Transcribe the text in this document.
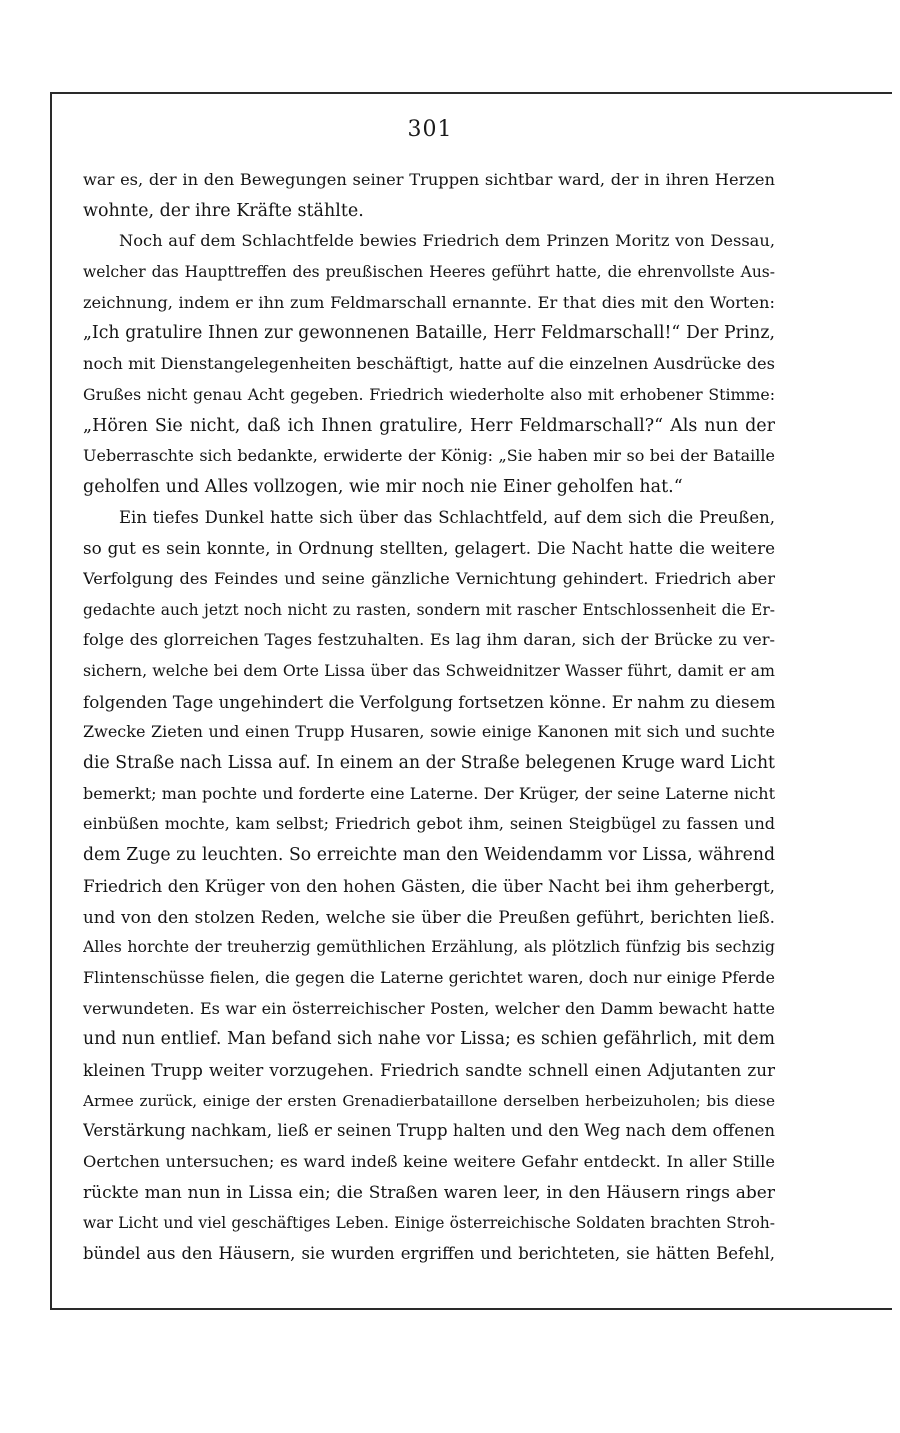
301
war es, der in den Bewegungen seiner Truppen sichtbar ward, der in ihren Herzen
wohnte, der ihre Kräfte stählte.
Noch auf dem Schlachtfelde bewies Friedrich dem Prinzen Moritz von Dessau,
welcher das Haupttreffen des preußischen Heeres geführt hatte, die ehrenvollste Aus-
zeichnung, indem er ihn zum Feldmarschall ernannte. Er that dies mit den Worten:
„Ich gratulire Ihnen zur gewonnenen Bataille, Herr Feldmarschall!“ Der Prinz,
noch mit Dienstangelegenheiten beschäftigt, hatte auf die einzelnen Ausdrücke des
Grußes nicht genau Acht gegeben. Friedrich wiederholte also mit erhobener Stimme:
„Hören Sie nicht, daß ich Ihnen gratulire, Herr Feldmarschall?“ Als nun der
Ueberraschte sich bedankte, erwiderte der König: „Sie haben mir so bei der Bataille
geholfen und Alles vollzogen, wie mir noch nie Einer geholfen hat.“
Ein tiefes Dunkel hatte sich über das Schlachtfeld, auf dem sich die Preußen,
so gut es sein konnte, in Ordnung stellten, gelagert. Die Nacht hatte die weitere
Verfolgung des Feindes und seine gänzliche Vernichtung gehindert. Friedrich aber
gedachte auch jetzt noch nicht zu rasten, sondern mit rascher Entschlossenheit die Er-
folge des glorreichen Tages festzuhalten. Es lag ihm daran, sich der Brücke zu ver-
sichern, welche bei dem Orte Lissa über das Schweidnitzer Wasser führt, damit er am
folgenden Tage ungehindert die Verfolgung fortsetzen könne. Er nahm zu diesem
Zwecke Zieten und einen Trupp Husaren, sowie einige Kanonen mit sich und suchte
die Straße nach Lissa auf. In einem an der Straße belegenen Kruge ward Licht
bemerkt; man pochte und forderte eine Laterne. Der Krüger, der seine Laterne nicht
einbüßen mochte, kam selbst; Friedrich gebot ihm, seinen Steigbügel zu fassen und
dem Zuge zu leuchten. So erreichte man den Weidendamm vor Lissa, während
Friedrich den Krüger von den hohen Gästen, die über Nacht bei ihm geherbergt,
und von den stolzen Reden, welche sie über die Preußen geführt, berichten ließ.
Alles horchte der treuherzig gemüthlichen Erzählung, als plötzlich fünfzig bis sechzig
Flintenschüsse fielen, die gegen die Laterne gerichtet waren, doch nur einige Pferde
verwundeten. Es war ein österreichischer Posten, welcher den Damm bewacht hatte
und nun entlief. Man befand sich nahe vor Lissa; es schien gefährlich, mit dem
kleinen Trupp weiter vorzugehen. Friedrich sandte schnell einen Adjutanten zur
Armee zurück, einige der ersten Grenadierbataillone derselben herbeizuholen; bis diese
Verstärkung nachkam, ließ er seinen Trupp halten und den Weg nach dem offenen
Oertchen untersuchen; es ward indeß keine weitere Gefahr entdeckt. In aller Stille
rückte man nun in Lissa ein; die Straßen waren leer, in den Häusern rings aber
war Licht und viel geschäftiges Leben. Einige österreichische Soldaten brachten Stroh-
bündel aus den Häusern, sie wurden ergriffen und berichteten, sie hätten Befehl,
